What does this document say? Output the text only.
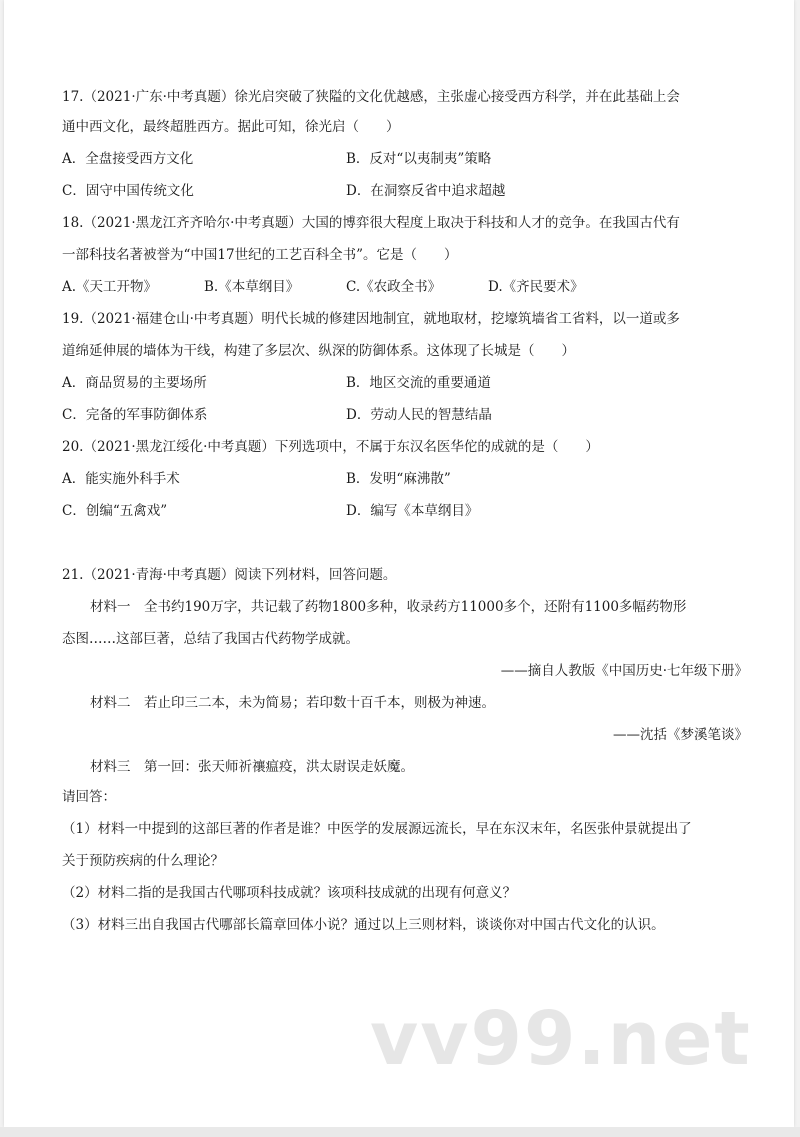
17.（2021·广东·中考真题）徐光启突破了狭隘的文化优越感，主张虚心接受西方科学，并在此基础上会
通中西文化，最终超胜西方。据此可知，徐光启（　　）
A．全盘接受西方文化	B．反对“以夷制夷”策略
C．固守中国传统文化	D．在洞察反省中追求超越
18.（2021·黑龙江齐齐哈尔·中考真题）大国的博弈很大程度上取决于科技和人才的竞争。在我国古代有
一部科技名著被誉为“中国17世纪的工艺百科全书”。它是（　　）
A.《天工开物》	B.《本草纲目》	C.《农政全书》	D.《齐民要术》
19.（2021·福建仓山·中考真题）明代长城的修建因地制宜，就地取材，挖壕筑墙省工省料，以一道或多
道绵延伸展的墙体为干线，构建了多层次、纵深的防御体系。这体现了长城是（　　）
A．商品贸易的主要场所	B．地区交流的重要通道
C．完备的军事防御体系	D．劳动人民的智慧结晶
20.（2021·黑龙江绥化·中考真题）下列选项中，不属于东汉名医华佗的成就的是（　　）
A．能实施外科手术	B．发明“麻沸散”
C．创编“五禽戏”	D．编写《本草纲目》
21.（2021·青海·中考真题）阅读下列材料，回答问题。
材料一　全书约190万字，共记载了药物1800多种，收录药方11000多个，还附有1100多幅药物形
态图……这部巨著，总结了我国古代药物学成就。
——摘自人教版《中国历史·七年级下册》
材料二　若止印三二本，未为简易；若印数十百千本，则极为神速。
——沈括《梦溪笔谈》
材料三　第一回：张天师祈禳瘟疫，洪太尉误走妖魔。
请回答：
（1）材料一中提到的这部巨著的作者是谁？中医学的发展源远流长，早在东汉末年，名医张仲景就提出了
关于预防疾病的什么理论？
（2）材料二指的是我国古代哪项科技成就？该项科技成就的出现有何意义？
（3）材料三出自我国古代哪部长篇章回体小说？通过以上三则材料，谈谈你对中国古代文化的认识。
vv99.net
